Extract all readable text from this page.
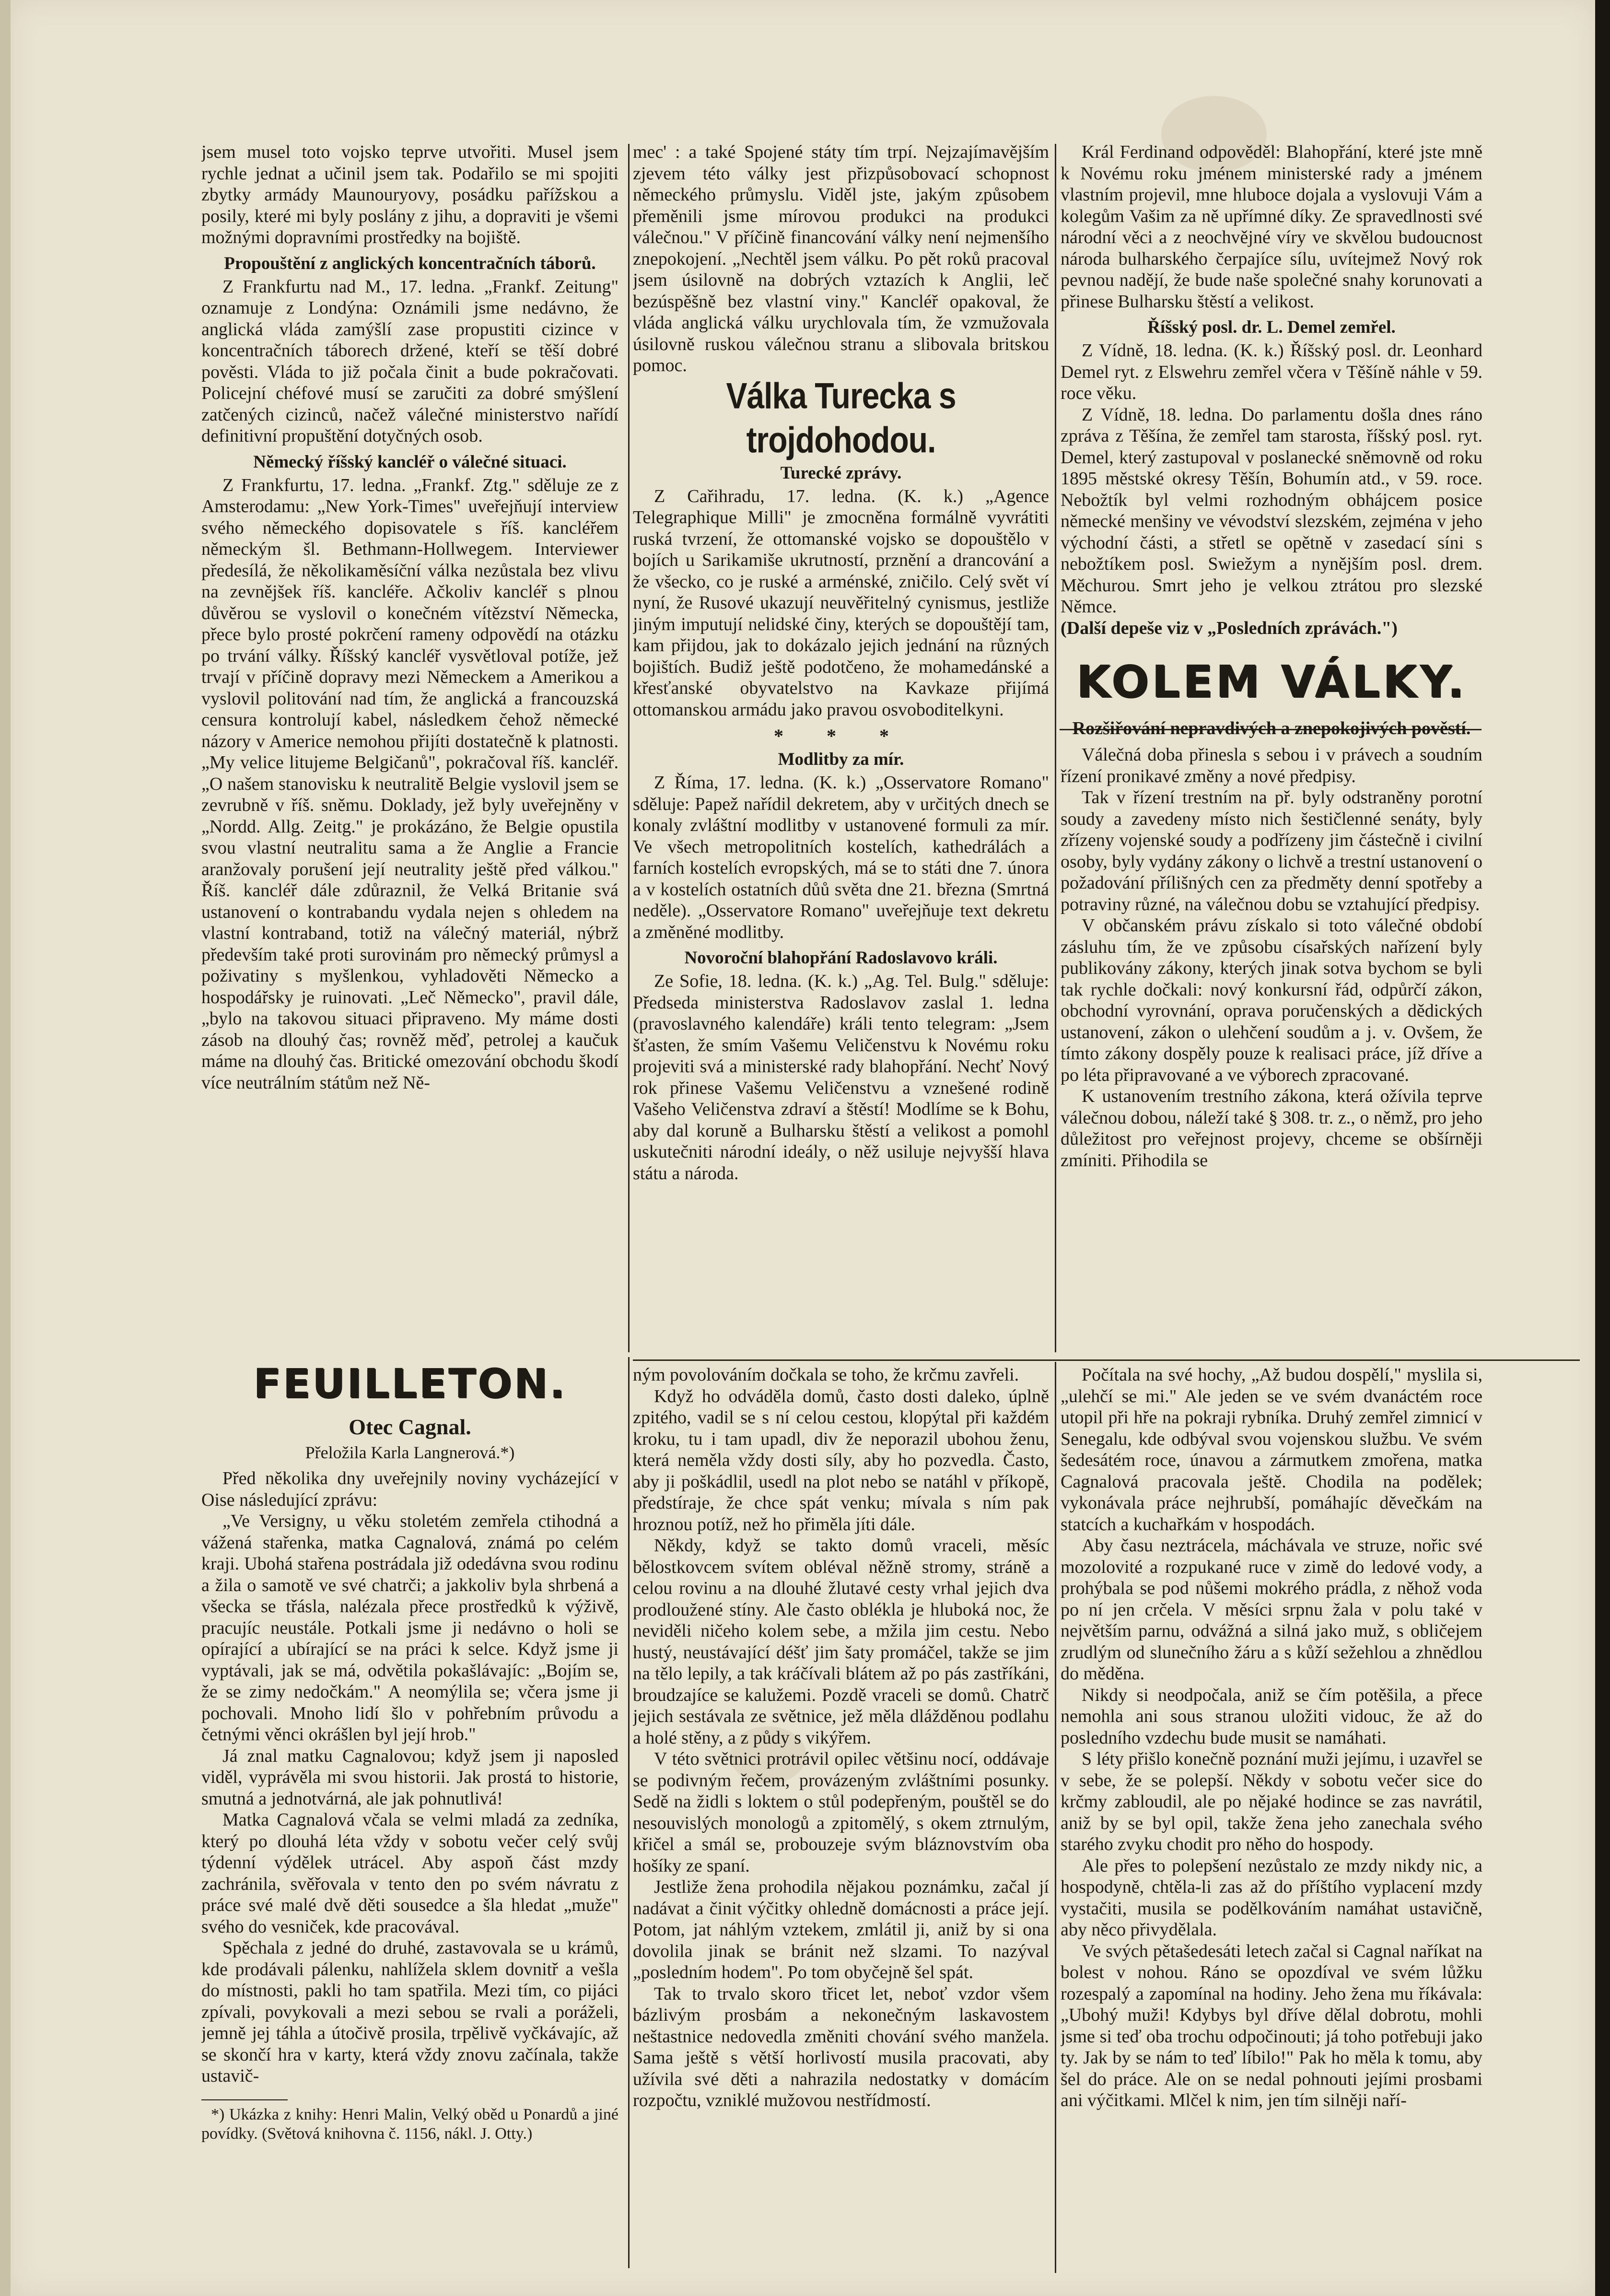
jsem musel toto vojsko teprve utvořiti. Musel jsem rychle jednat a učinil jsem tak. Podařilo se mi spojiti zbytky armády Maunouryovy, posádku pařížskou a posily, které mi byly poslány z jihu, a dopraviti je všemi možnými dopravními prostředky na bojiště.

Propouštění z anglických koncentračních táborů.

Z Frankfurtu nad M., 17. ledna. „Frankf. Zeitung" oznamuje z Londýna: Oznámili jsme nedávno, že anglická vláda zamýšlí zase propustiti cizince v koncentračních táborech držené, kteří se těší dobré pověsti. Vláda to již počala činit a bude pokračovati. Policejní chéfové musí se zaručiti za dobré smýšlení zatčených cizinců, načež válečné ministerstvo nařídí definitivní propuštění dotyčných osob.

Německý říšský kancléř o válečné situaci.

Z Frankfurtu, 17. ledna. „Frankf. Ztg." sděluje ze z Amsterodamu: „New York-Times" uveřejňují interview svého německého dopisovatele s říš. kancléřem německým šl. Bethmann-Hollwegem. Interviewer předesílá, že několikaměsíční válka nezůstala bez vlivu na zevnějšek říš. kancléře. Ačkoliv kancléř s plnou důvěrou se vyslovil o konečném vítězství Německa, přece bylo prosté pokrčení rameny odpovědí na otázku po trvání války. Říšský kancléř vysvětloval potíže, jež trvají v příčině dopravy mezi Německem a Amerikou a vyslovil politování nad tím, že anglická a francouzská censura kontrolují kabel, následkem čehož německé názory v Americe nemohou přijíti dostatečně k platnosti. „My velice litujeme Belgičanů", pokračoval říš. kancléř. „O našem stanovisku k neutralitě Belgie vyslovil jsem se zevrubně v říš. sněmu. Doklady, jež byly uveřejněny v „Nordd. Allg. Zeitg." je prokázáno, že Belgie opustila svou vlastní neutralitu sama a že Anglie a Francie aranžovaly porušení její neutrality ještě před válkou." Říš. kancléř dále zdůraznil, že Velká Britanie svá ustanovení o kontrabandu vydala nejen s ohledem na vlastní kontraband, totiž na válečný materiál, nýbrž především také proti surovinám pro německý průmysl a poživatiny s myšlenkou, vyhladověti Německo a hospodářsky je ruinovati. „Leč Německo", pravil dále, „bylo na takovou situaci připraveno. My máme dosti zásob na dlouhý čas; rovněž měď, petrolej a kaučuk máme na dlouhý čas. Britické omezování obchodu škodí více neutrálním státům než Ně-

mec' : a také Spojené státy tím trpí. Nejzajímavějším zjevem této války jest přizpůsobovací schopnost německého průmyslu. Viděl jste, jakým způsobem přeměnili jsme mírovou produkci na produkci válečnou." V příčině financování války není nejmenšího znepokojení. „Nechtěl jsem válku. Po pět roků pracoval jsem úsilovně na dobrých vztazích k Anglii, leč bezúspěšně bez vlastní viny." Kancléř opakoval, že vláda anglická válku urychlovala tím, že vzmužovala úsilovně ruskou válečnou stranu a slibovala britskou pomoc.

Válka Turecka s trojdohodou.
Turecké zprávy.

Z Cařihradu, 17. ledna. (K. k.) „Agence Telegraphique Milli" je zmocněna formálně vyvrátiti ruská tvrzení, že ottomanské vojsko se dopouštělo v bojích u Sarikamiše ukrutností, prznění a drancování a že všecko, co je ruské a arménské, zničilo. Celý svět ví nyní, že Rusové ukazují neuvěřitelný cynismus, jestliže jiným imputují nelidské činy, kterých se dopouštějí tam, kam přijdou, jak to dokázalo jejich jednání na různých bojištích. Budiž ještě podotčeno, že mohamedánské a křesťanské obyvatelstvo na Kavkaze přijímá ottomanskou armádu jako pravou osvoboditelkyni.

* * *
Modlitby za mír.

Z Říma, 17. ledna. (K. k.) „Osservatore Romano" sděluje: Papež nařídil dekretem, aby v určitých dnech se konaly zvláštní modlitby v ustanovené formuli za mír. Ve všech metropolitních kostelích, kathedrálách a farních kostelích evropských, má se to státi dne 7. února a v kostelích ostatních důů světa dne 21. března (Smrtná neděle). „Osservatore Romano" uveřejňuje text dekretu a změněné modlitby.

Novoroční blahopřání Radoslavovo králi.

Ze Sofie, 18. ledna. (K. k.) „Ag. Tel. Bulg." sděluje: Předseda ministerstva Radoslavov zaslal 1. ledna (pravoslavného kalendáře) králi tento telegram: „Jsem šťasten, že smím Vašemu Veličenstvu k Novému roku projeviti svá a ministerské rady blahopřání. Nechť Nový rok přinese Vašemu Veličenstvu a vznešené rodině Vašeho Veličenstva zdraví a štěstí! Modlíme se k Bohu, aby dal koruně a Bulharsku štěstí a velikost a pomohl uskutečniti národní ideály, o něž usiluje nejvyšší hlava státu a národa.

Král Ferdinand odpověděl: Blahopřání, které jste mně k Novému roku jménem ministerské rady a jménem vlastním projevil, mne hluboce dojala a vyslovuji Vám a kolegům Vašim za ně upřímné díky. Ze spravedlnosti své národní věci a z neochvějné víry ve skvělou budoucnost národa bulharského čerpajíce sílu, uvítejmež Nový rok pevnou nadějí, že bude naše společné snahy korunovati a přinese Bulharsku štěstí a velikost.

Říšský posl. dr. L. Demel zemřel.

Z Vídně, 18. ledna. (K. k.) Říšský posl. dr. Leonhard Demel ryt. z Elswehru zemřel včera v Těšíně náhle v 59. roce věku.

Z Vídně, 18. ledna. Do parlamentu došla dnes ráno zpráva z Těšína, že zemřel tam starosta, říšský posl. ryt. Demel, který zastupoval v poslanecké sněmovně od roku 1895 městské okresy Těšín, Bohumín atd., v 59. roce. Nebožtík byl velmi rozhodným obhájcem posice německé menšiny ve vévodství slezském, zejména v jeho východní části, a střetl se opětně v zasedací síni s nebožtíkem posl. Swiežym a nynějším posl. drem. Měchurou. Smrt jeho je velkou ztrátou pro slezské Němce.

(Další depeše viz v „Posledních zprávách.")

KOLEM VÁLKY.
Rozšiřování nepravdivých a znepokojivých pověstí.

Válečná doba přinesla s sebou i v právech a soudním řízení pronikavé změny a nové předpisy.

Tak v řízení trestním na př. byly odstraněny porotní soudy a zavedeny místo nich šestičlenné senáty, byly zřízeny vojenské soudy a podřízeny jim částečně i civilní osoby, byly vydány zákony o lichvě a trestní ustanovení o požadování přílišných cen za předměty denní spotřeby a potraviny různé, na válečnou dobu se vztahující předpisy.

V občanském právu získalo si toto válečné období zásluhu tím, že ve způsobu císařských nařízení byly publikovány zákony, kterých jinak sotva bychom se byli tak rychle dočkali: nový konkursní řád, odpůrčí zákon, obchodní vyrovnání, oprava poručenských a dědických ustanovení, zákon o ulehčení soudům a j. v. Ovšem, že tímto zákony dospěly pouze k realisaci práce, jíž dříve a po léta připravované a ve výborech zpracované.

K ustanovením trestního zákona, která ožívila teprve válečnou dobou, náleží také § 308. tr. z., o němž, pro jeho důležitost pro veřejnost projevy, chceme se obšírněji zmíniti. Přihodila se

FEUILLETON.
Otec Cagnal.
Přeložila Karla Langnerová.*)

Před několika dny uveřejnily noviny vycházející v Oise následující zprávu:

„Ve Versigny, u věku stoletém zemřela ctihodná a vážená stařenka, matka Cagnalová, známá po celém kraji. Ubohá stařena postrádala již odedávna svou rodinu a žila o samotě ve své chatrči; a jakkoliv byla shrbená a všecka se třásla, nalézala přece prostředků k výživě, pracujíc neustále. Potkali jsme ji nedávno o holi se opírající a ubírající se na práci k selce. Když jsme ji vyptávali, jak se má, odvětila pokašlávajíc: „Bojím se, že se zimy nedočkám." A neomýlila se; včera jsme ji pochovali. Mnoho lidí šlo v pohřebním průvodu a četnými věnci okrášlen byl její hrob."

Já znal matku Cagnalovou; když jsem ji naposled viděl, vyprávěla mi svou historii. Jak prostá to historie, smutná a jednotvárná, ale jak pohnutlivá!

Matka Cagnalová včala se velmi mladá za zedníka, který po dlouhá léta vždy v sobotu večer celý svůj týdenní výdělek utrácel. Aby aspoň část mzdy zachránila, svěřovala v tento den po svém návratu z práce své malé dvě děti sousedce a šla hledat „muže" svého do vesniček, kde pracovával.

Spěchala z jedné do druhé, zastavovala se u krámů, kde prodávali pálenku, nahlížela sklem dovnitř a vešla do místnosti, pakli ho tam spatřila. Mezi tím, co pijáci zpívali, povykovali a mezi sebou se rvali a poráželi, jemně jej táhla a útočivě prosila, trpělivě vyčkávajíc, až se skončí hra v karty, která vždy znovu začínala, takže ustavič-

*) Ukázka z knihy: Henri Malin, Velký oběd u Ponardů a jiné povídky. (Světová knihovna č. 1156, nákl. J. Otty.)

ným povolováním dočkala se toho, že krčmu zavřeli.

Když ho odváděla domů, často dosti daleko, úplně zpitého, vadil se s ní celou cestou, klopýtal při každém kroku, tu i tam upadl, div že neporazil ubohou ženu, která neměla vždy dosti síly, aby ho pozvedla. Často, aby ji poškádlil, usedl na plot nebo se natáhl v příkopě, předstíraje, že chce spát venku; mívala s ním pak hroznou potíž, než ho přiměla jíti dále.

Někdy, když se takto domů vraceli, měsíc bělostkovcem svítem obléval něžně stromy, stráně a celou rovinu a na dlouhé žlutavé cesty vrhal jejich dva prodloužené stíny. Ale často oblékla je hluboká noc, že neviděli ničeho kolem sebe, a mžila jim cestu. Nebo hustý, neustávající déšť jim šaty promáčel, takže se jim na tělo lepily, a tak kráčívali blátem až po pás zastříkáni, broudzajíce se kalužemi. Pozdě vraceli se domů. Chatrč jejich sestávala ze světnice, jež měla dlážděnou podlahu a holé stěny, a z půdy s vikýřem.

V této světnici protrávil opilec většinu nocí, oddávaje se podivným řečem, provázeným zvláštními posunky. Sedě na židli s loktem o stůl podepřeným, pouštěl se do nesouvislých monologů a zpitomělý, s okem ztrnulým, křičel a smál se, probouzeje svým bláznovstvím oba hošíky ze spaní.

Jestliže žena prohodila nějakou poznámku, začal jí nadávat a činit výčitky ohledně domácnosti a práce její. Potom, jat náhlým vztekem, zmlátil ji, aniž by si ona dovolila jinak se bránit než slzami. To nazýval „posledním hodem". Po tom obyčejně šel spát.

Tak to trvalo skoro třicet let, neboť vzdor všem bázlivým prosbám a nekonečným laskavostem neštastnice nedovedla změniti chování svého manžela. Sama ještě s větší horlivostí musila pracovati, aby užívila své děti a nahrazila nedostatky v domácím rozpočtu, vzniklé mužovou nestřídmostí.

Počítala na své hochy, „Až budou dospělí," myslila si, „ulehčí se mi." Ale jeden se ve svém dvanáctém roce utopil při hře na pokraji rybníka. Druhý zemřel zimnicí v Senegalu, kde odbýval svou vojenskou službu. Ve svém šedesátém roce, únavou a zármutkem zmořena, matka Cagnalová pracovala ještě. Chodila na podělek; vykonávala práce nejhrubší, pomáhajíc děvečkám na statcích a kuchařkám v hospodách.

Aby času neztrácela, máchávala ve struze, nořic své mozolovité a rozpukané ruce v zimě do ledové vody, a prohýbala se pod nůšemi mokrého prádla, z něhož voda po ní jen crčela. V měsíci srpnu žala v polu také v největším parnu, odvážná a silná jako muž, s obličejem zrudlým od slunečního žáru a s kůží sežehlou a zhnědlou do měděna.

Nikdy si neodpočala, aniž se čím potěšila, a přece nemohla ani sous stranou uložiti vidouc, že až do posledního vzdechu bude musit se namáhati.

S léty přišlo konečně poznání muži jejímu, i uzavřel se v sebe, že se polepší. Někdy v sobotu večer sice do krčmy zabloudil, ale po nějaké hodince se zas navrátil, aniž by se byl opil, takže žena jeho zanechala svého starého zvyku chodit pro něho do hospody.

Ale přes to polepšení nezůstalo ze mzdy nikdy nic, a hospodyně, chtěla-li zas až do příštího vyplacení mzdy vystačiti, musila se podělkováním namáhat ustavičně, aby něco přivydělala.

Ve svých pětašedesáti letech začal si Cagnal naříkat na bolest v nohou. Ráno se opozdíval ve svém lůžku rozespalý a zapomínal na hodiny. Jeho žena mu říkávala: „Ubohý muži! Kdybys byl dříve dělal dobrotu, mohli jsme si teď oba trochu odpočinouti; já toho potřebuji jako ty. Jak by se nám to teď líbilo!" Pak ho měla k tomu, aby šel do práce. Ale on se nedal pohnouti jejími prosbami ani výčitkami. Mlčel k nim, jen tím silněji naří-
